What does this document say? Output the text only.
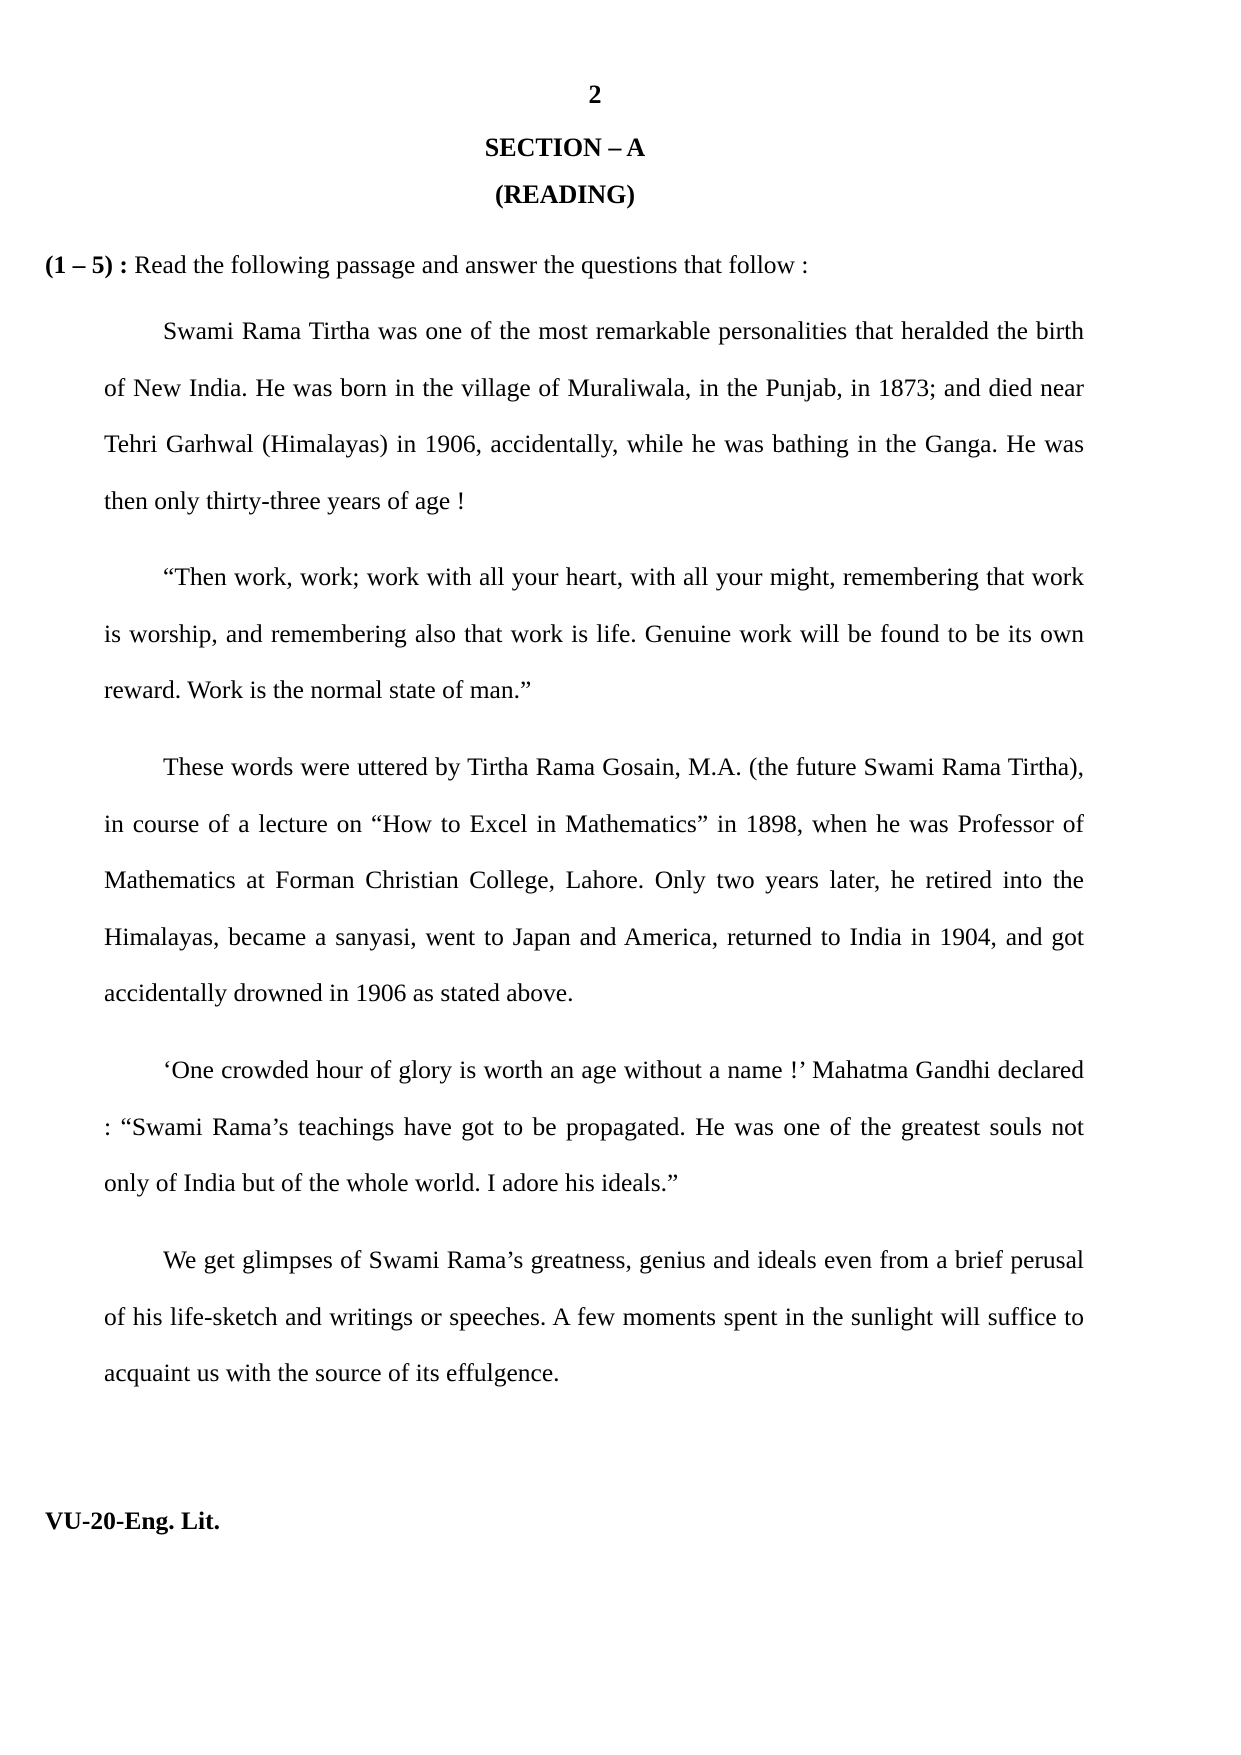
2
SECTION – A
(READING)
(1 – 5) : Read the following passage and answer the questions that follow :

Swami Rama Tirtha was one of the most remarkable personalities that heralded the birth of New India. He was born in the village of Muraliwala, in the Punjab, in 1873; and died near Tehri Garhwal (Himalayas) in 1906, accidentally, while he was bathing in the Ganga. He was then only thirty-three years of age !

“Then work, work; work with all your heart, with all your might, remembering that work is worship, and remembering also that work is life. Genuine work will be found to be its own reward. Work is the normal state of man.”

These words were uttered by Tirtha Rama Gosain, M.A. (the future Swami Rama Tirtha), in course of a lecture on “How to Excel in Mathematics” in 1898, when he was Professor of Mathematics at Forman Christian College, Lahore. Only two years later, he retired into the Himalayas, became a sanyasi, went to Japan and America, returned to India in 1904, and got accidentally drowned in 1906 as stated above.

‘One crowded hour of glory is worth an age without a name !’ Mahatma Gandhi declared : “Swami Rama’s teachings have got to be propagated. He was one of the greatest souls not only of India but of the whole world. I adore his ideals.”

We get glimpses of Swami Rama’s greatness, genius and ideals even from a brief perusal of his life-sketch and writings or speeches. A few moments spent in the sunlight will suffice to acquaint us with the source of its effulgence.

VU-20-Eng. Lit.
